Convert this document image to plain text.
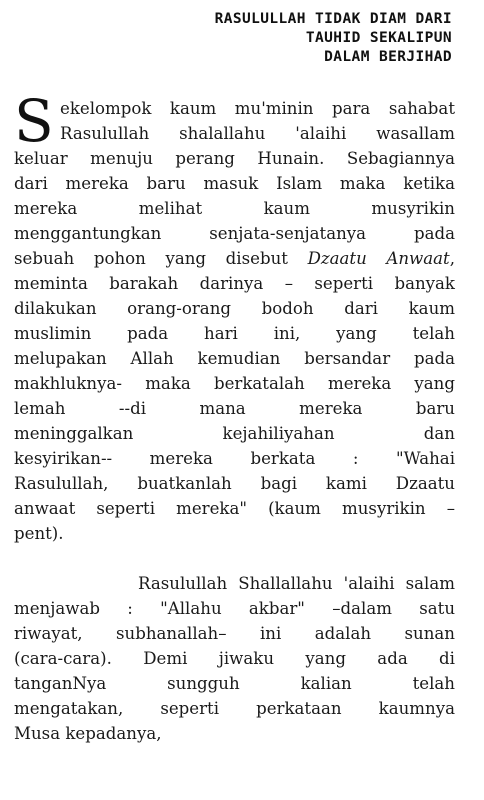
RASULULLAH TIDAK DIAM DARI
TAUHID SEKALIPUN
DALAM BERJIHAD
S ekelompok kaum mu'minin para sahabat
Rasulullah shalallahu 'alaihi wasallam
keluar menuju perang Hunain. Sebagiannya
dari mereka baru masuk Islam maka ketika
mereka melihat kaum musyrikin
menggantungkan senjata-senjatanya pada
sebuah pohon yang disebut Dzaatu Anwaat,
meminta barakah darinya – seperti banyak
dilakukan orang-orang bodoh dari kaum
muslimin pada hari ini, yang telah
melupakan Allah kemudian bersandar pada
makhluknya- maka berkatalah mereka yang
lemah --di mana mereka baru
meninggalkan kejahiliyahan dan
kesyirikan-- mereka berkata : "Wahai
Rasulullah, buatkanlah bagi kami Dzaatu
anwaat seperti mereka" (kaum musyrikin –
pent).

Rasulullah Shallallahu 'alaihi salam
menjawab : "Allahu akbar" –dalam satu
riwayat, subhanallah– ini adalah sunan
(cara-cara). Demi jiwaku yang ada di
tanganNya sungguh kalian telah
mengatakan, seperti perkataan kaumnya
Musa kepadanya,
